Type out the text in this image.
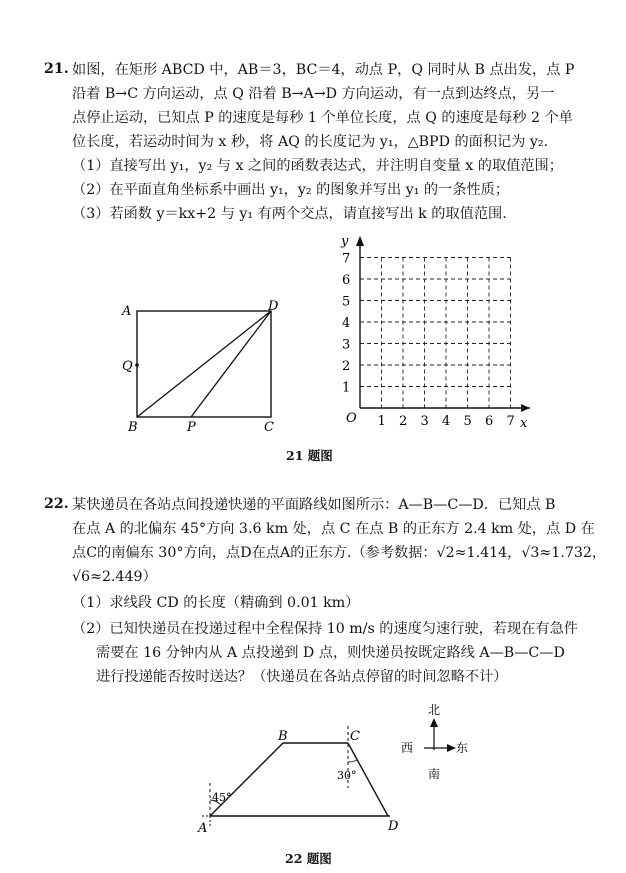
21. 如图，在矩形 ABCD 中，AB＝3，BC＝4，动点 P，Q 同时从 B 点出发，点 P
沿着 B→C 方向运动，点 Q 沿着 B→A→D 方向运动，有一点到达终点，另一
点停止运动，已知点 P 的速度是每秒 1 个单位长度，点 Q 的速度是每秒 2 个单
位长度，若运动时间为 x 秒，将 AQ 的长度记为 y₁，△BPD 的面积记为 y₂.
（1）直接写出 y₁，y₂ 与 x 之间的函数表达式，并注明自变量 x 的取值范围；
（2）在平面直角坐标系中画出 y₁，y₂ 的图象并写出 y₁ 的一条性质；
（3）若函数 y＝kx+2 与 y₁ 有两个交点，请直接写出 k 的取值范围.
A	D
Q
B	P	C
y
x
O 1 2 3 4 5 6 7
1
2
3
4
5
6
7
21 题图
22. 某快递员在各站点间投递快递的平面路线如图所示：A—B—C—D．已知点 B
在点 A 的北偏东 45°方向 3.6 km 处，点 C 在点 B 的正东方 2.4 km 处，点 D 在
点C的南偏东 30°方向，点D在点A的正东方.（参考数据：√2≈1.414，√3≈1.732，
√6≈2.449）
（1）求线段 CD 的长度（精确到 0.01 km）
（2）已知快递员在投递过程中全程保持 10 m/s 的速度匀速行驶，若现在有急件
需要在 16 分钟内从 A 点投递到 D 点，则快递员按既定路线 A—B—C—D
进行投递能否按时送达？（快递员在各站点停留的时间忽略不计）
45°
30°
A
B	C
D
北
西	东
南
22 题图
